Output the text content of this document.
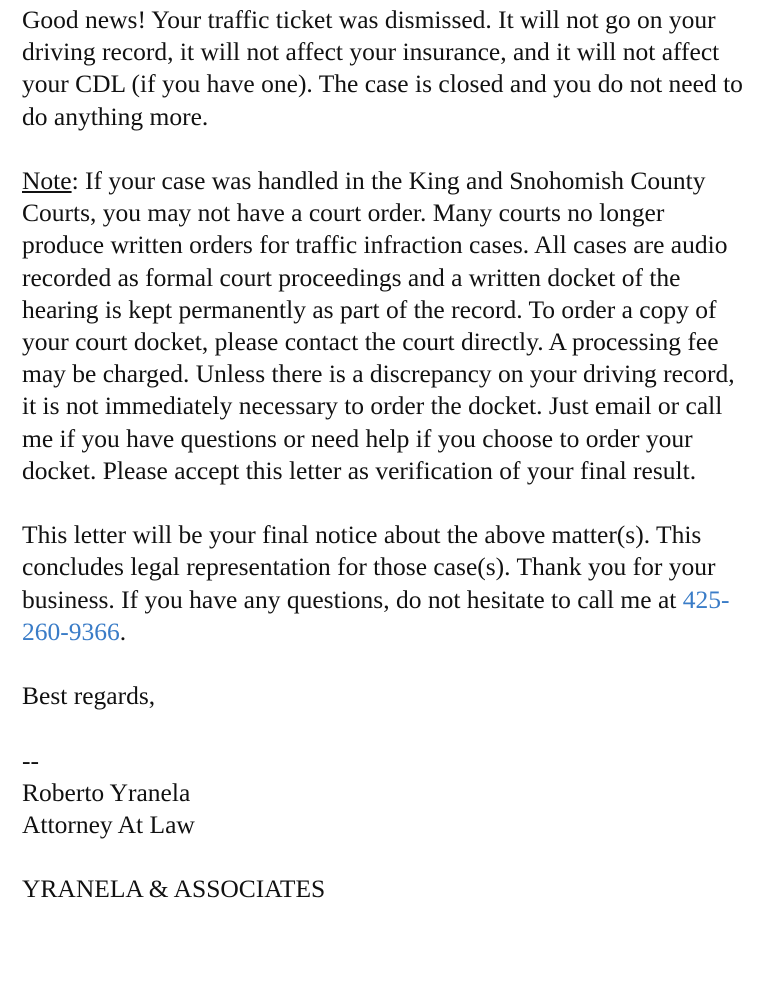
Good news! Your traffic ticket was dismissed. It will not go on your driving record, it will not affect your insurance, and it will not affect your CDL (if you have one). The case is closed and you do not need to do anything more.

Note: If your case was handled in the King and Snohomish County Courts, you may not have a court order. Many courts no longer produce written orders for traffic infraction cases. All cases are audio recorded as formal court proceedings and a written docket of the hearing is kept permanently as part of the record. To order a copy of your court docket, please contact the court directly. A processing fee may be charged. Unless there is a discrepancy on your driving record, it is not immediately necessary to order the docket. Just email or call me if you have questions or need help if you choose to order your docket. Please accept this letter as verification of your final result.

This letter will be your final notice about the above matter(s). This concludes legal representation for those case(s). Thank you for your business. If you have any questions, do not hesitate to call me at 425-260-9366.

Best regards,

--
Roberto Yranela
Attorney At Law

YRANELA & ASSOCIATES
